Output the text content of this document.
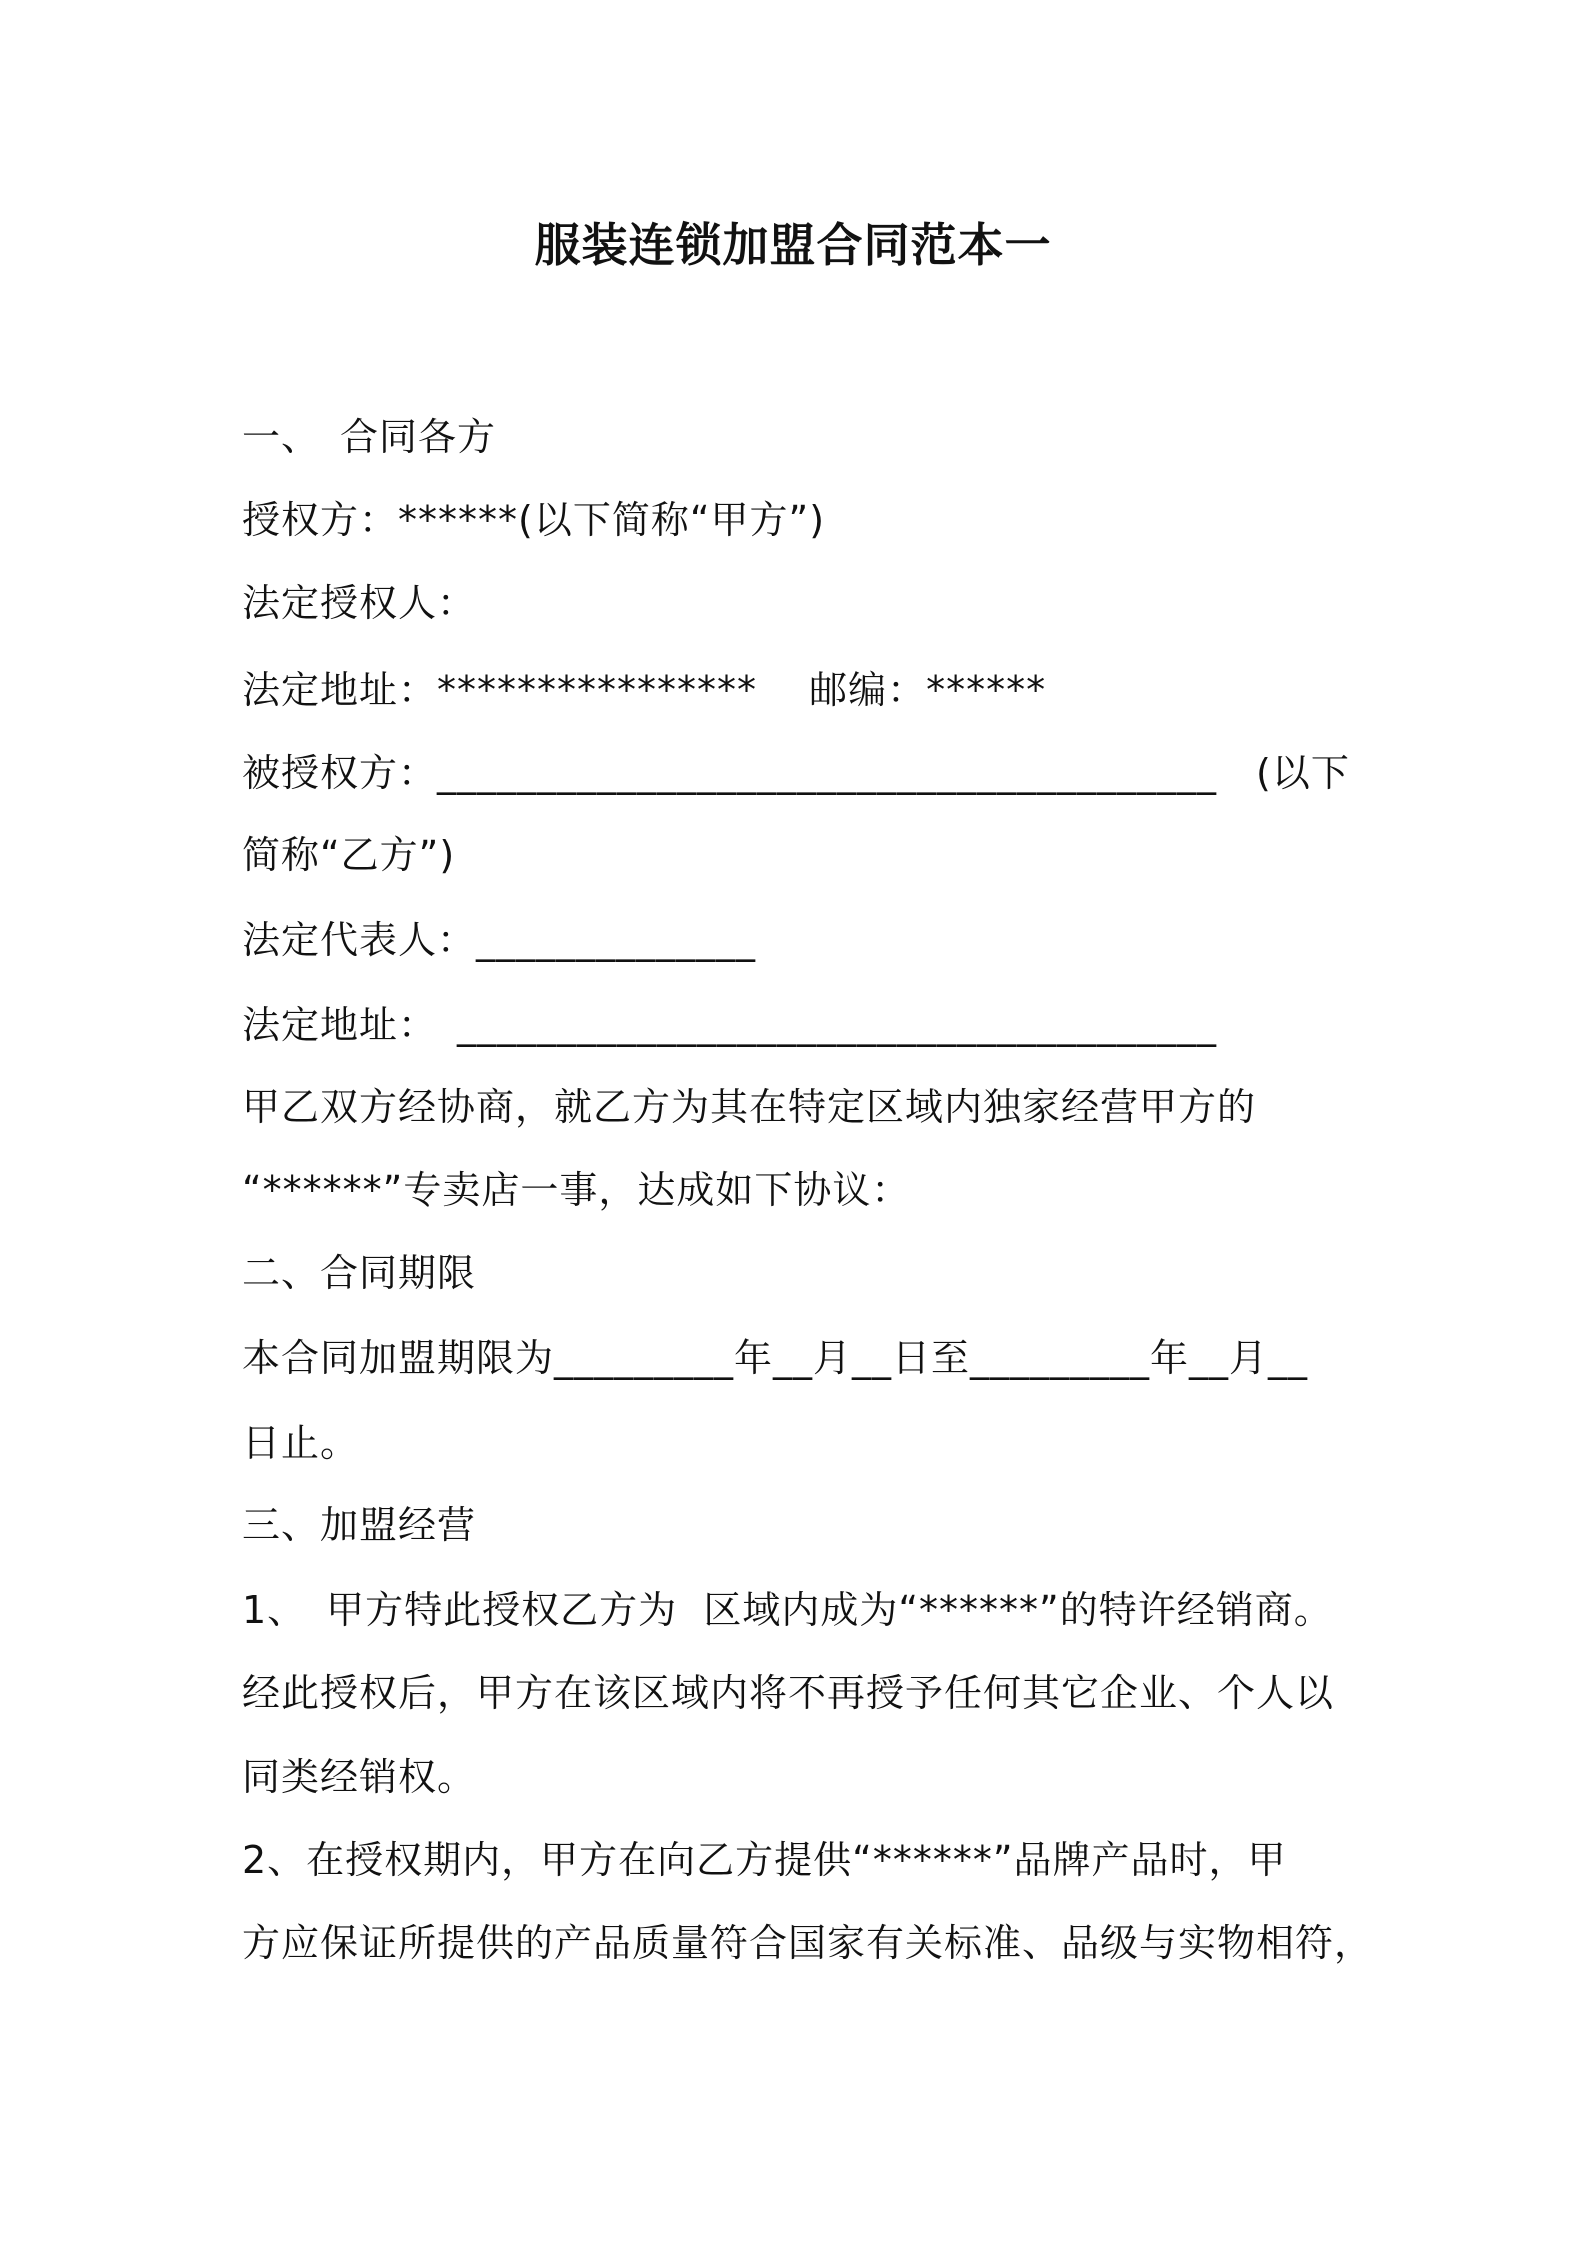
服装连锁加盟合同范本一
一、　合同各方
授权方：******(以下简称“甲方”)
法定授权人：
法定地址：****************　 邮编：******
被授权方：_______________________________________　(以下
简称“乙方”)
法定代表人：______________
法定地址：　______________________________________
甲乙双方经协商，就乙方为其在特定区域内独家经营甲方的
“******”专卖店一事，达成如下协议：
二、合同期限
本合同加盟期限为_________年__月__日至_________年__月__
日止。
三、加盟经营
1、　甲方特此授权乙方为  区域内成为“******”的特许经销商。
经此授权后，甲方在该区域内将不再授予任何其它企业、个人以
同类经销权。
2、在授权期内，甲方在向乙方提供“******”品牌产品时，甲
方应保证所提供的产品质量符合国家有关标准、品级与实物相符，
